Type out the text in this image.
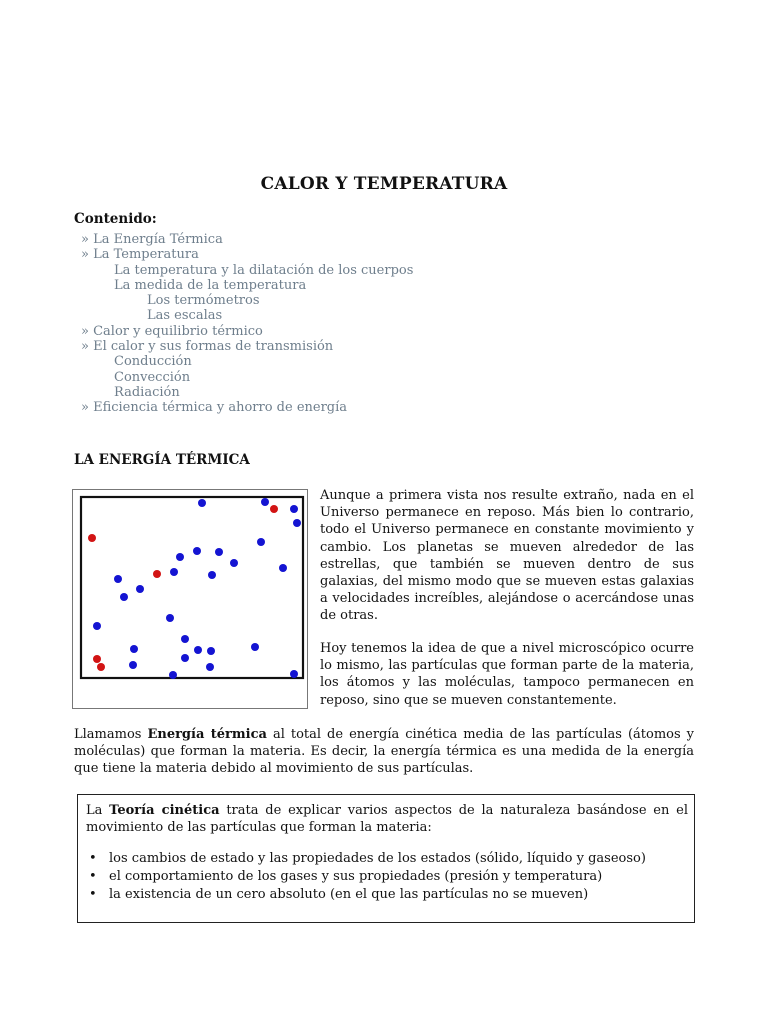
CALOR Y TEMPERATURA
Contenido:
» La Energía Térmica
» La Temperatura
La temperatura y la dilatación de los cuerpos
La medida de la temperatura
Los termómetros
Las escalas
» Calor y equilibrio térmico
» El calor y sus formas de transmisión
Conducción
Convección
Radiación
» Eficiencia térmica y ahorro de energía
LA ENERGÍA TÉRMICA

Aunque a primera vista nos resulte extraño, nada en el Universo permanece en reposo. Más bien lo contrario, todo el Universo permanece en constante movimiento y cambio. Los planetas se mueven alrededor de las estrellas, que también se mueven dentro de sus galaxias, del mismo modo que se mueven estas galaxias a velocidades increíbles, alejándose o acercándose unas de otras.

Hoy tenemos la idea de que a nivel microscópico ocurre lo mismo, las partículas que forman parte de la materia, los átomos y las moléculas, tampoco permanecen en reposo, sino que se mueven constantemente.

Llamamos Energía térmica al total de energía cinética media de las partículas (átomos y moléculas) que forman la materia. Es decir, la energía térmica es una medida de la energía que tiene la materia debido al movimiento de sus partículas.

La Teoría cinética trata de explicar varios aspectos de la naturaleza basándose en el movimiento de las partículas que forman la materia:

• los cambios de estado y las propiedades de los estados (sólido, líquido y gaseoso)
• el comportamiento de los gases y sus propiedades (presión y temperatura)
• la existencia de un cero absoluto (en el que las partículas no se mueven)
